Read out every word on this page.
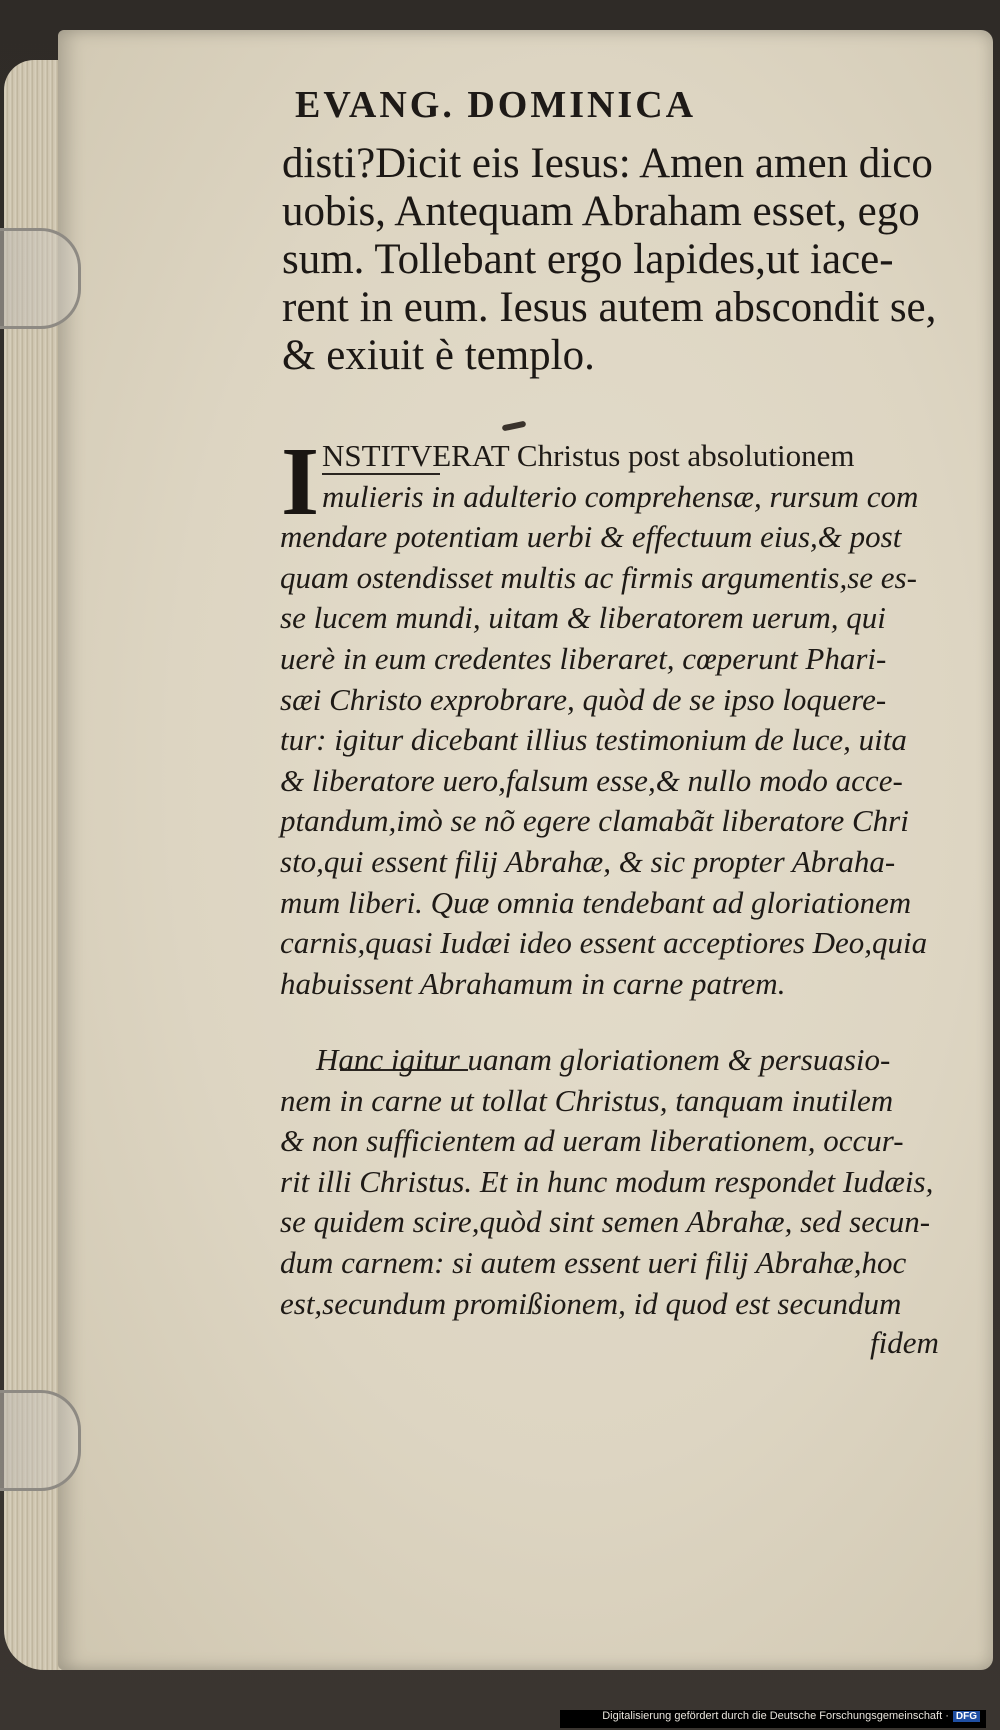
EVANG. DOMINICA
disti?Dicit eis Iesus: Amen amen dico
uobis, Antequam Abraham esset, ego
sum. Tollebant ergo lapides,ut iace-
rent in eum. Iesus autem abscondit se,
& exiuit è templo.
I NSTITVERAT Christus post absolutionem
mulieris in adulterio comprehensæ, rursum com
mendare potentiam uerbi & effectuum eius,& post
quam ostendisset multis ac firmis argumentis,se es-
se lucem mundi, uitam & liberatorem uerum, qui
uerè in eum credentes liberaret, cœperunt Phari-
sæi Christo exprobrare, quòd de se ipso loquere-
tur: igitur dicebant illius testimonium de luce, uita
& liberatore uero,falsum esse,& nullo modo acce-
ptandum,imò se nõ egere clamabãt liberatore Chri
sto,qui essent filij Abrahæ, & sic propter Abraha-
mum liberi. Quæ omnia tendebant ad gloriationem
carnis,quasi Iudæi ideo essent acceptiores Deo,quia
habuissent Abrahamum in carne patrem.
Hanc igitur uanam gloriationem & persuasio-
nem in carne ut tollat Christus, tanquam inutilem
& non sufficientem ad ueram liberationem, occur-
rit illi Christus. Et in hunc modum respondet Iudæis,
se quidem scire,quòd sint semen Abrahæ, sed secun-
dum carnem: si autem essent ueri filij Abrahæ,hoc
est,secundum promißionem, id quod est secundum
fidem
Digitalisierung gefördert durch die Deutsche Forschungsgemeinschaft · DFG
